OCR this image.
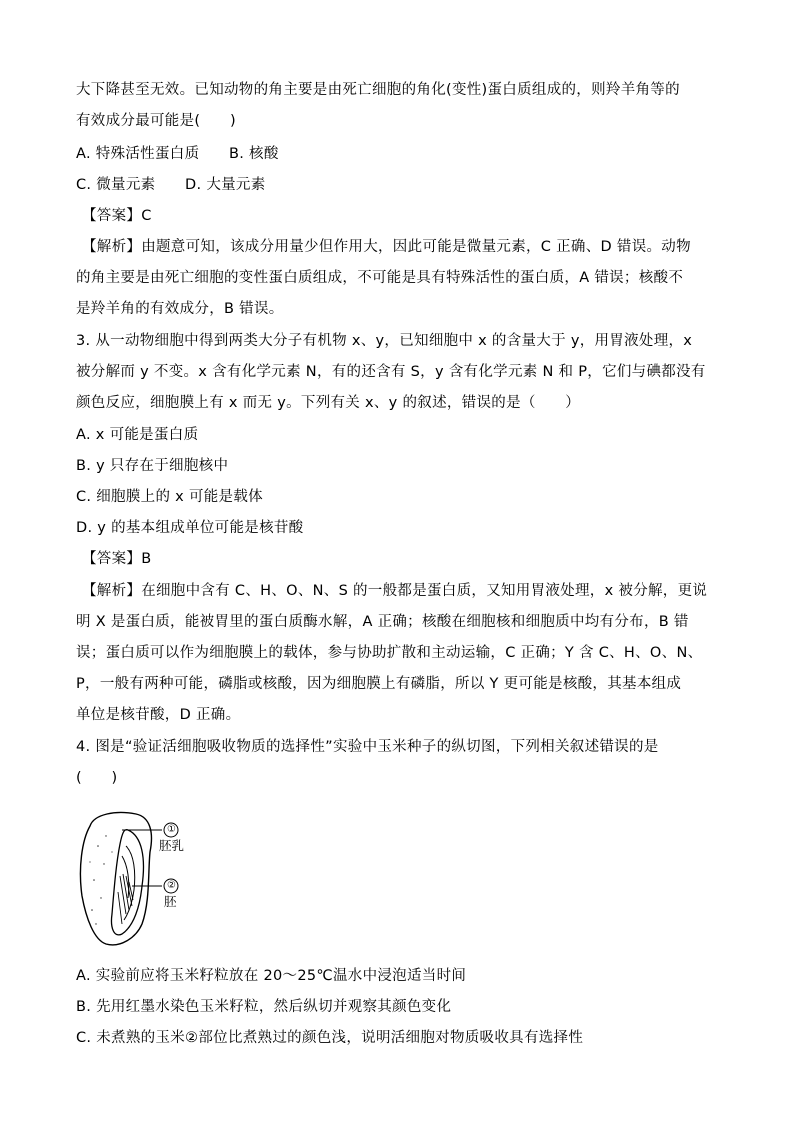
大下降甚至无效。已知动物的角主要是由死亡细胞的角化(变性)蛋白质组成的，则羚羊角等的
有效成分最可能是(　　)
A. 特殊活性蛋白质　　B. 核酸
C. 微量元素　　D. 大量元素
【答案】C
【解析】由题意可知，该成分用量少但作用大，因此可能是微量元素，C 正确、D 错误。动物
的角主要是由死亡细胞的变性蛋白质组成，不可能是具有特殊活性的蛋白质，A 错误；核酸不
是羚羊角的有效成分，B 错误。
3. 从一动物细胞中得到两类大分子有机物 x、y，已知细胞中 x 的含量大于 y，用胃液处理，x
被分解而 y 不变。x 含有化学元素 N，有的还含有 S，y 含有化学元素 N 和 P，它们与碘都没有
颜色反应，细胞膜上有 x 而无 y。下列有关 x、y 的叙述，错误的是（　　）
A. x 可能是蛋白质
B. y 只存在于细胞核中
C. 细胞膜上的 x 可能是载体
D. y 的基本组成单位可能是核苷酸
【答案】B
【解析】在细胞中含有 C、H、O、N、S 的一般都是蛋白质，又知用胃液处理，x 被分解，更说
明 X 是蛋白质，能被胃里的蛋白质酶水解，A 正确；核酸在细胞核和细胞质中均有分布，B 错
误；蛋白质可以作为细胞膜上的载体，参与协助扩散和主动运输，C 正确；Y 含 C、H、O、N、
P，一般有两种可能，磷脂或核酸，因为细胞膜上有磷脂，所以 Y 更可能是核酸，其基本组成
单位是核苷酸，D 正确。
4. 图是“验证活细胞吸收物质的选择性”实验中玉米种子的纵切图，下列相关叙述错误的是
(　　)
①
胚乳
②
胚
A. 实验前应将玉米籽粒放在 20～25℃温水中浸泡适当时间
B. 先用红墨水染色玉米籽粒，然后纵切并观察其颜色变化
C. 未煮熟的玉米②部位比煮熟过的颜色浅，说明活细胞对物质吸收具有选择性
